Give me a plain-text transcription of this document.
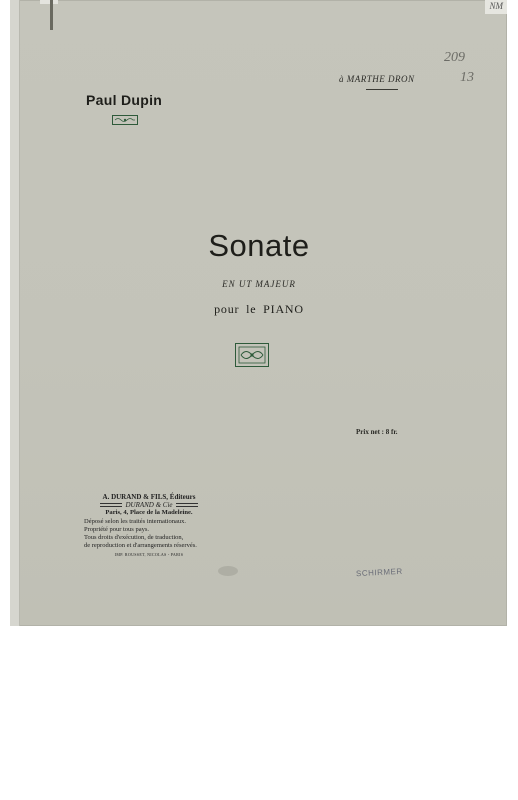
NM
à MARTHE DRON
209
13
Paul Dupin
Sonate
EN UT MAJEUR
pour le PIANO
Prix net : 8 fr.
A. DURAND & FILS, Éditeurs
DURAND & Cie
Paris, 4, Place de la Madeleine.
Déposé selon les traités internationaux.
Propriété pour tous pays.
Tous droits d'exécution, de traduction,
de reproduction et d'arrangements réservés.
IMP. ROUSSET, NICOLAS - PARIS
SCHIRMER
